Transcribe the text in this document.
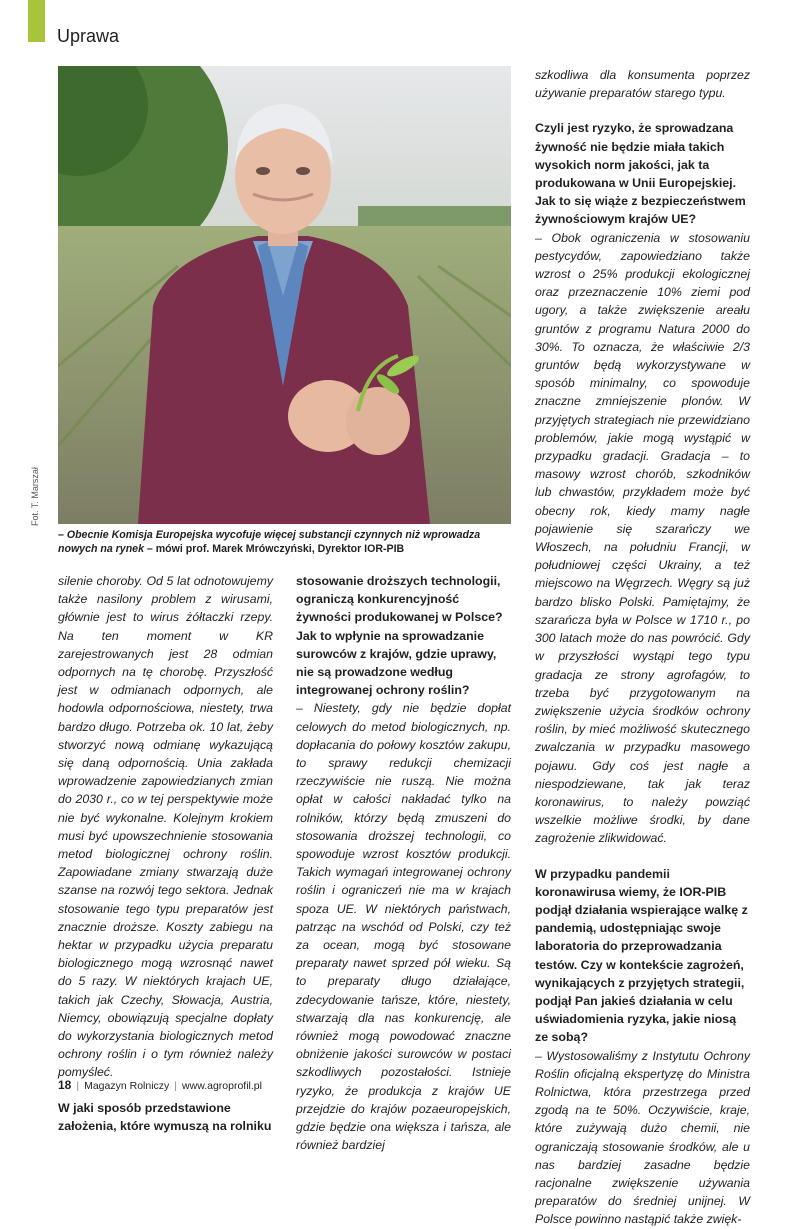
Uprawa
Fot. T. Marszał
– Obecnie Komisja Europejska wycofuje więcej substancji czynnych niż wprowadza nowych na rynek – mówi prof. Marek Mrówczyński, Dyrektor IOR-PIB

silenie choroby. Od 5 lat odnotowujemy także nasilony problem z wirusami, głównie jest to wirus żółtaczki rzepy. Na ten moment w KR zarejestrowanych jest 28 odmian odpornych na tę chorobę. Przyszłość jest w odmianach odpornych, ale hodowla odpornościowa, niestety, trwa bardzo długo. Potrzeba ok. 10 lat, żeby stworzyć nową odmianę wykazującą się daną odpornością. Unia zakłada wprowadzenie zapowiedzianych zmian do 2030 r., co w tej perspektywie może nie być wykonalne. Kolejnym krokiem musi być upowszechnienie stosowania metod biologicznej ochrony roślin. Zapowiadane zmiany stwarzają duże szanse na rozwój tego sektora. Jednak stosowanie tego typu preparatów jest znacznie droższe. Koszty zabiegu na hektar w przypadku użycia preparatu biologicznego mogą wzrosnąć nawet do 5 razy. W niektórych krajach UE, takich jak Czechy, Słowacja, Austria, Niemcy, obowiązują specjalne dopłaty do wykorzystania biologicznych metod ochrony roślin i o tym również należy pomyśleć.

W jaki sposób przedstawione założenia, które wymuszą na rolniku

stosowanie droższych technologii, ograniczą konkurencyjność żywności produkowanej w Polsce? Jak to wpłynie na sprowadzanie surowców z krajów, gdzie uprawy, nie są prowadzone według integrowanej ochrony roślin?

– Niestety, gdy nie będzie dopłat celowych do metod biologicznych, np. dopłacania do połowy kosztów zakupu, to sprawy redukcji chemizacji rzeczywiście nie ruszą. Nie można opłat w całości nakładać tylko na rolników, którzy będą zmuszeni do stosowania droższej technologii, co spowoduje wzrost kosztów produkcji. Takich wymagań integrowanej ochrony roślin i ograniczeń nie ma w krajach spoza UE. W niektórych państwach, patrząc na wschód od Polski, czy też za ocean, mogą być stosowane preparaty nawet sprzed pół wieku. Są to preparaty długo działające, zdecydowanie tańsze, które, niestety, stwarzają dla nas konkurencję, ale również mogą powodować znaczne obniżenie jakości surowców w postaci szkodliwych pozostałości. Istnieje ryzyko, że produkcja z krajów UE przejdzie do krajów pozaeuropejskich, gdzie będzie ona większa i tańsza, ale również bardziej

szkodliwa dla konsumenta poprzez używanie preparatów starego typu.

Czyli jest ryzyko, że sprowadzana żywność nie będzie miała takich wysokich norm jakości, jak ta produkowana w Unii Europejskiej. Jak to się wiąże z bezpieczeństwem żywnościowym krajów UE?

– Obok ograniczenia w stosowaniu pestycydów, zapowiedziano także wzrost o 25% produkcji ekologicznej oraz przeznaczenie 10% ziemi pod ugory, a także zwiększenie areału gruntów z programu Natura 2000 do 30%. To oznacza, że właściwie 2/3 gruntów będą wykorzystywane w sposób minimalny, co spowoduje znaczne zmniejszenie plonów. W przyjętych strategiach nie przewidziano problemów, jakie mogą wystąpić w przypadku gradacji. Gradacja – to masowy wzrost chorób, szkodników lub chwastów, przykładem może być obecny rok, kiedy mamy nagłe pojawienie się szarańczy we Włoszech, na południu Francji, w południowej części Ukrainy, a też miejscowo na Węgrzech. Węgry są już bardzo blisko Polski. Pamiętajmy, że szarańcza była w Polsce w 1710 r., po 300 latach może do nas powrócić. Gdy w przyszłości wystąpi tego typu gradacja ze strony agrofagów, to trzeba być przygotowanym na zwiększenie użycia środków ochrony roślin, by mieć możliwość skutecznego zwalczania w przypadku masowego pojawu. Gdy coś jest nagłe a niespodziewane, tak jak teraz koronawirus, to należy powziąć wszelkie możliwe środki, by dane zagrożenie zlikwidować.

W przypadku pandemii koronawirusa wiemy, że IOR-PIB podjął działania wspierające walkę z pandemią, udostępniając swoje laboratoria do przeprowadzania testów. Czy w kontekście zagrożeń, wynikających z przyjętych strategii, podjął Pan jakieś działania w celu uświadomienia ryzyka, jakie niosą ze sobą?

– Wystosowaliśmy z Instytutu Ochrony Roślin oficjalną ekspertyzę do Ministra Rolnictwa, która przestrzega przed zgodą na te 50%. Oczywiście, kraje, które zużywają dużo chemii, nie ograniczają stosowanie środków, ale u nas bardziej zasadne będzie racjonalne zwiększenie używania preparatów do średniej unijnej. W Polsce powinno nastąpić także zwięk-

18 | Magazyn Rolniczy | www.agroprofil.pl
